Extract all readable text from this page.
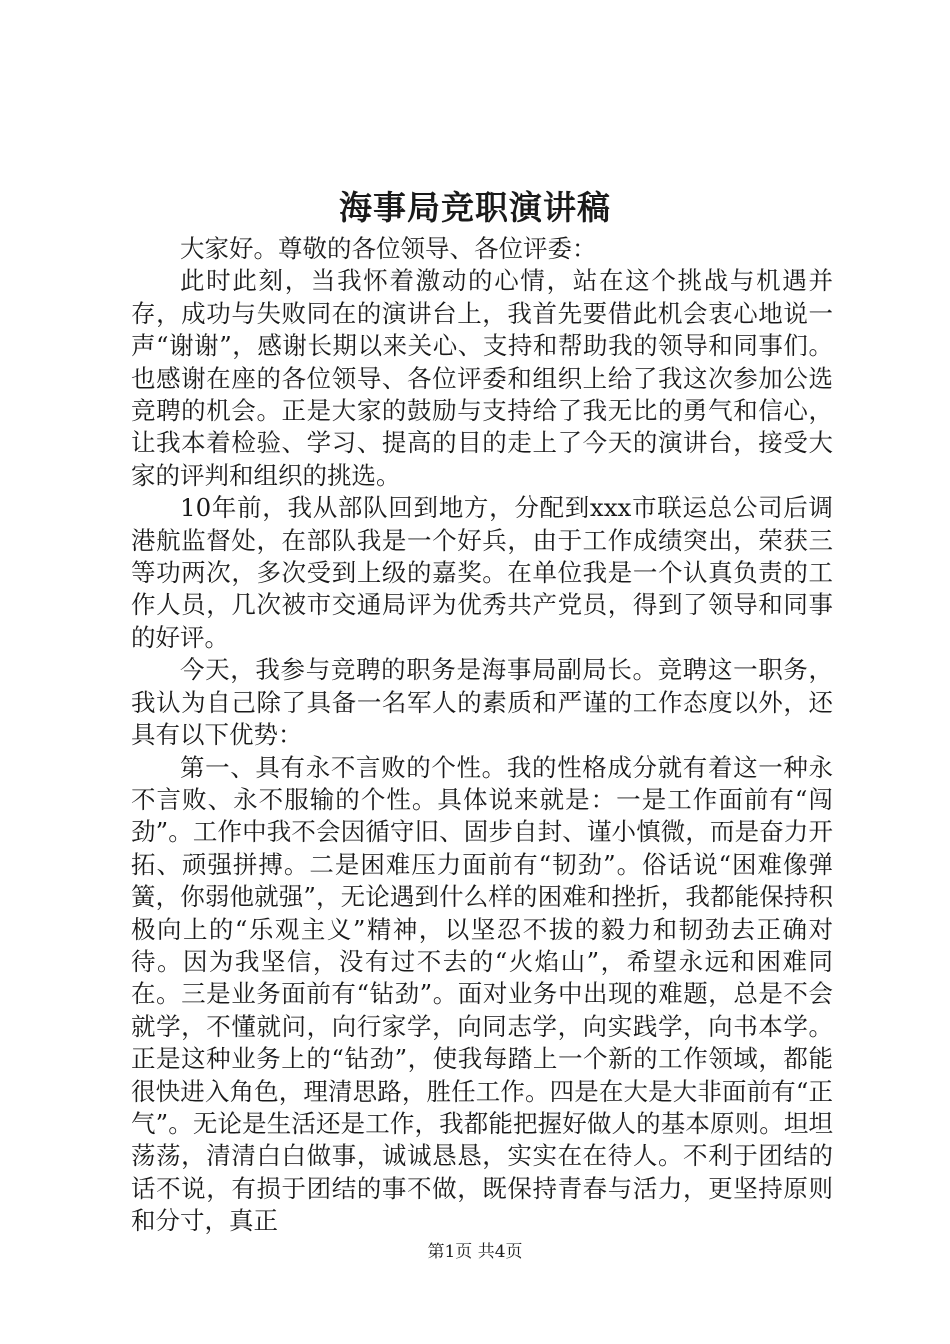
海事局竞职演讲稿

大家好。尊敬的各位领导、各位评委：

此时此刻，当我怀着激动的心情，站在这个挑战与机遇并存，成功与失败同在的演讲台上，我首先要借此机会衷心地说一声“谢谢”，感谢长期以来关心、支持和帮助我的领导和同事们。也感谢在座的各位领导、各位评委和组织上给了我这次参加公选竞聘的机会。正是大家的鼓励与支持给了我无比的勇气和信心，让我本着检验、学习、提高的目的走上了今天的演讲台，接受大家的评判和组织的挑选。

10年前，我从部队回到地方，分配到xxx市联运总公司后调港航监督处，在部队我是一个好兵，由于工作成绩突出，荣获三等功两次，多次受到上级的嘉奖。在单位我是一个认真负责的工作人员，几次被市交通局评为优秀共产党员，得到了领导和同事的好评。

今天，我参与竞聘的职务是海事局副局长。竞聘这一职务，我认为自己除了具备一名军人的素质和严谨的工作态度以外，还具有以下优势：

第一、具有永不言败的个性。我的性格成分就有着这一种永不言败、永不服输的个性。具体说来就是：一是工作面前有“闯劲”。工作中我不会因循守旧、固步自封、谨小慎微，而是奋力开拓、顽强拼搏。二是困难压力面前有“韧劲”。俗话说“困难像弹簧，你弱他就强”，无论遇到什么样的困难和挫折，我都能保持积极向上的“乐观主义”精神，以坚忍不拔的毅力和韧劲去正确对待。因为我坚信，没有过不去的“火焰山”，希望永远和困难同在。三是业务面前有“钻劲”。面对业务中出现的难题，总是不会就学，不懂就问，向行家学，向同志学，向实践学，向书本学。正是这种业务上的“钻劲”，使我每踏上一个新的工作领域，都能很快进入角色，理清思路，胜任工作。四是在大是大非面前有“正气”。无论是生活还是工作，我都能把握好做人的基本原则。坦坦荡荡，清清白白做事，诚诚恳恳，实实在在待人。不利于团结的话不说，有损于团结的事不做，既保持青春与活力，更坚持原则和分寸，真正

第1页 共4页
